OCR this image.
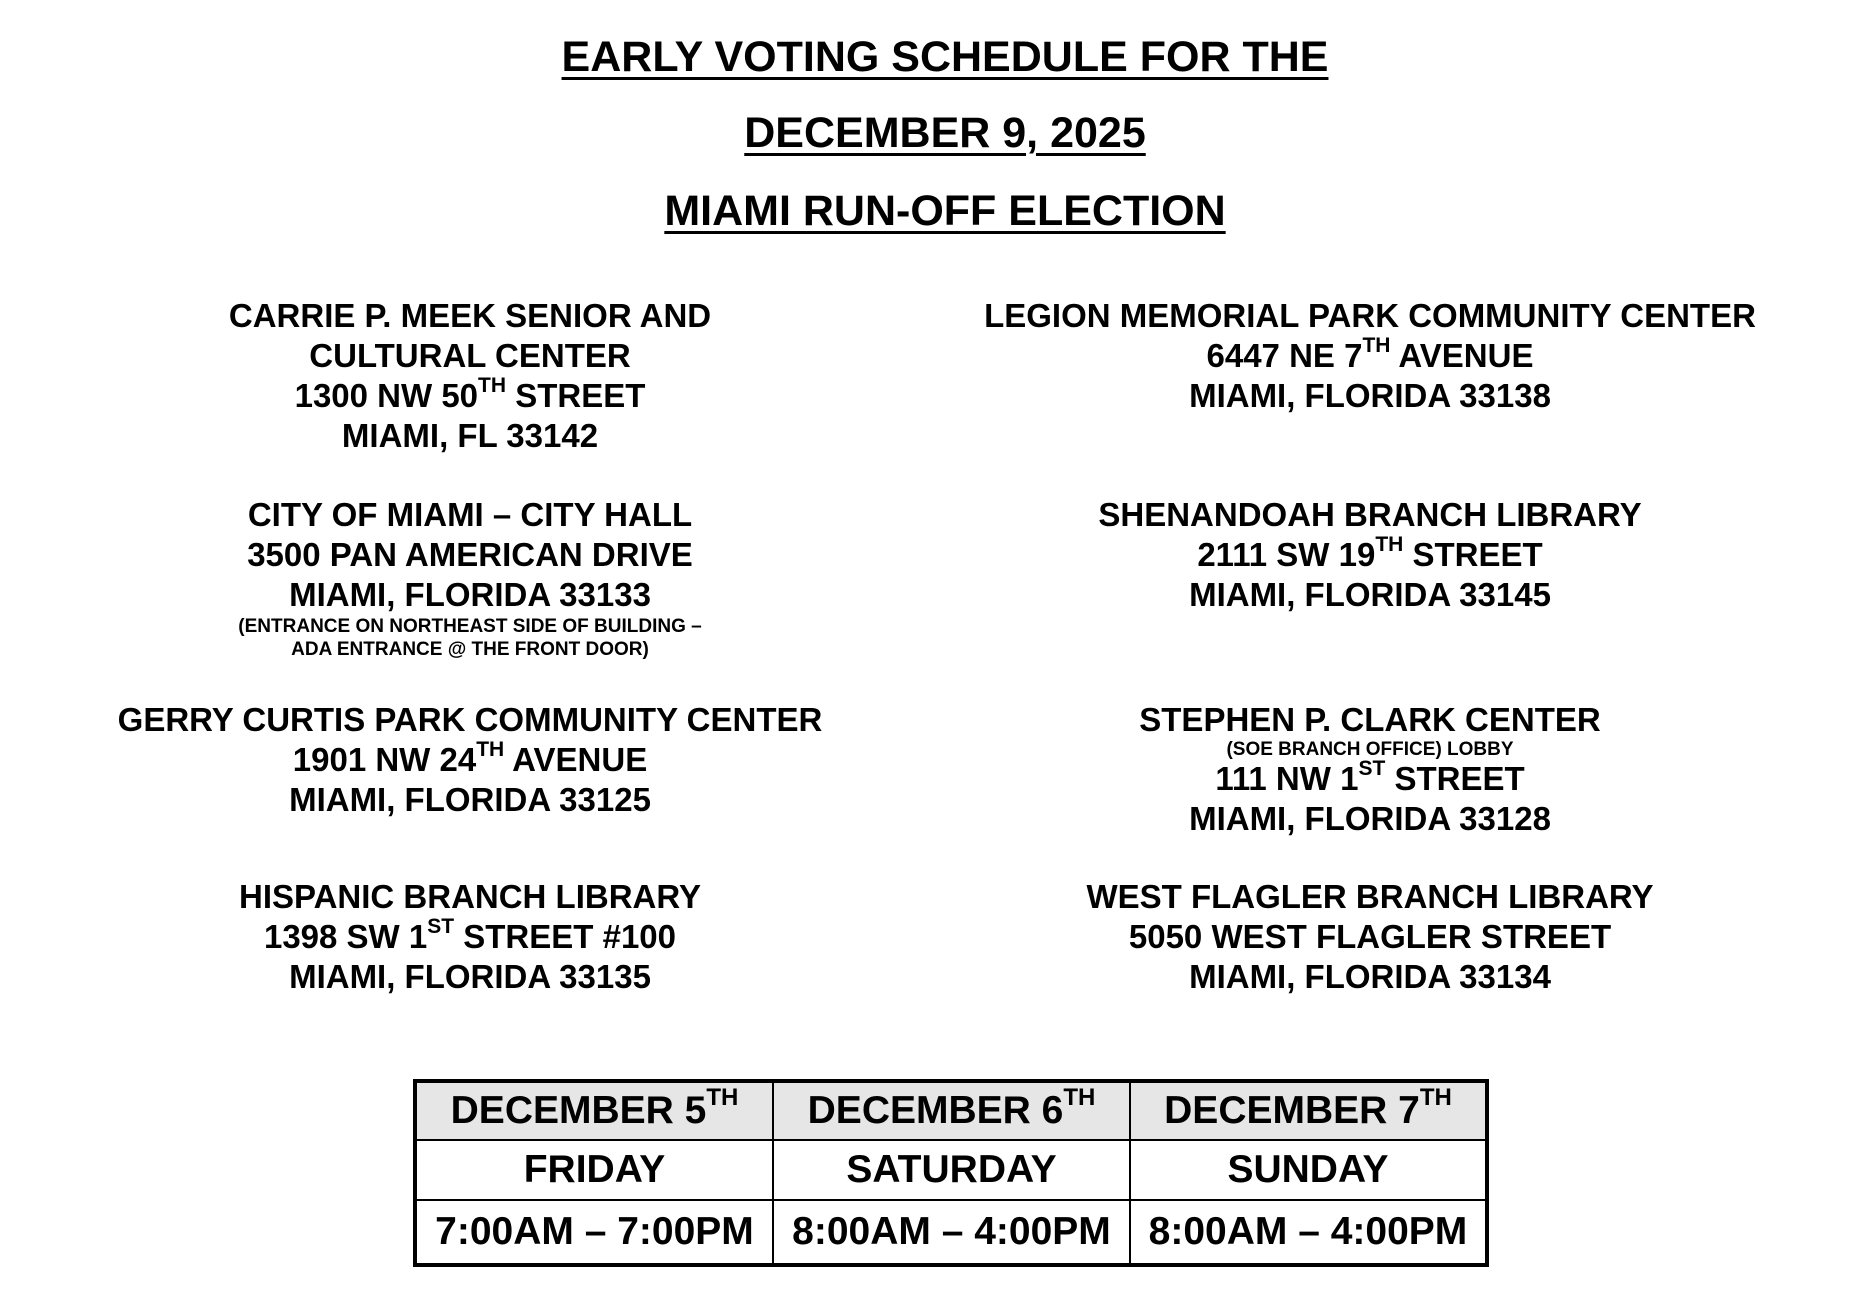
EARLY VOTING SCHEDULE FOR THE
DECEMBER 9, 2025
MIAMI RUN-OFF ELECTION
CARRIE P. MEEK SENIOR AND
CULTURAL CENTER
1300 NW 50TH STREET
MIAMI, FL 33142
LEGION MEMORIAL PARK COMMUNITY CENTER
6447 NE 7TH AVENUE
MIAMI, FLORIDA 33138
CITY OF MIAMI – CITY HALL
3500 PAN AMERICAN DRIVE
MIAMI, FLORIDA 33133
(ENTRANCE ON NORTHEAST SIDE OF BUILDING –
ADA ENTRANCE @ THE FRONT DOOR)
SHENANDOAH BRANCH LIBRARY
2111 SW 19TH STREET
MIAMI, FLORIDA 33145
GERRY CURTIS PARK COMMUNITY CENTER
1901 NW 24TH AVENUE
MIAMI, FLORIDA 33125
STEPHEN P. CLARK CENTER
(SOE BRANCH OFFICE) LOBBY
111 NW 1ST STREET
MIAMI, FLORIDA 33128
HISPANIC BRANCH LIBRARY
1398 SW 1ST STREET #100
MIAMI, FLORIDA 33135
WEST FLAGLER BRANCH LIBRARY
5050 WEST FLAGLER STREET
MIAMI, FLORIDA 33134
DECEMBER 5TH	DECEMBER 6TH	DECEMBER 7TH
FRIDAY	SATURDAY	SUNDAY
7:00AM – 7:00PM	8:00AM – 4:00PM	8:00AM – 4:00PM
